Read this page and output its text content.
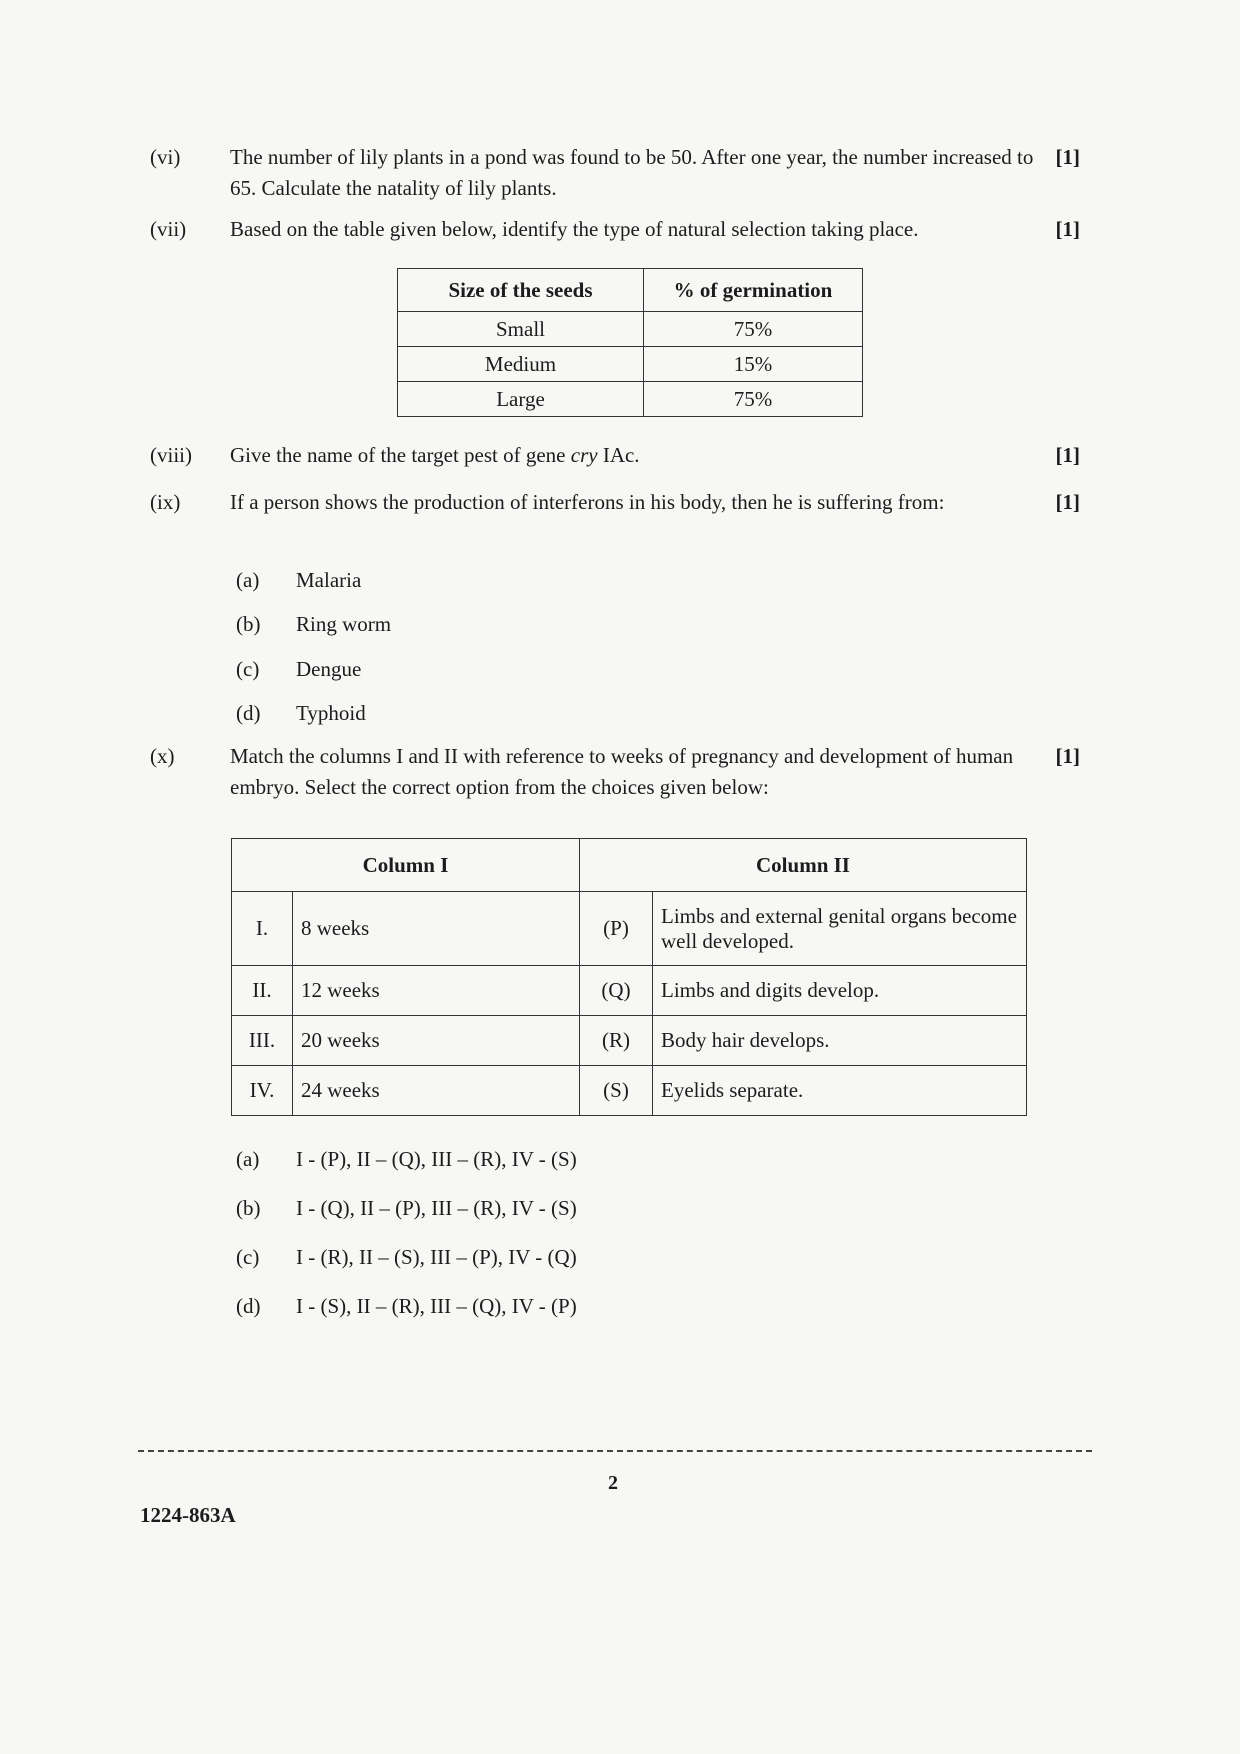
(vi) The number of lily plants in a pond was found to be 50. After one year, the number increased to 65. Calculate the natality of lily plants.
[1]
(vii) Based on the table given below, identify the type of natural selection taking place.	[1]
Size of the seeds	% of germination
Small	75%
Medium	15%
Large	75%
(viii) Give the name of the target pest of gene cry IAc.	[1]
(ix) If a person shows the production of interferons in his body, then he is suffering from:	[1]
(a) Malaria
(b) Ring worm
(c) Dengue
(d) Typhoid
(x)	Match the columns I and II with reference to weeks of pregnancy and development of human embryo. Select the correct option from the choices given below:
[1]
Column I		Column II	
I.	8 weeks	(P)	Limbs and external genital organs become well developed.
II.	12 weeks	(Q)	Limbs and digits develop.
III.	20 weeks	(R)	Body hair develops.
IV.	24 weeks	(S)	Eyelids separate.
(a) I - (P), II – (Q), III – (R), IV - (S)
(b) I - (Q), II – (P), III – (R), IV - (S)
(c) I - (R), II – (S), III – (P), IV - (Q)
(d) I - (S), II – (R), III – (Q), IV - (P)
2
1224-863A
